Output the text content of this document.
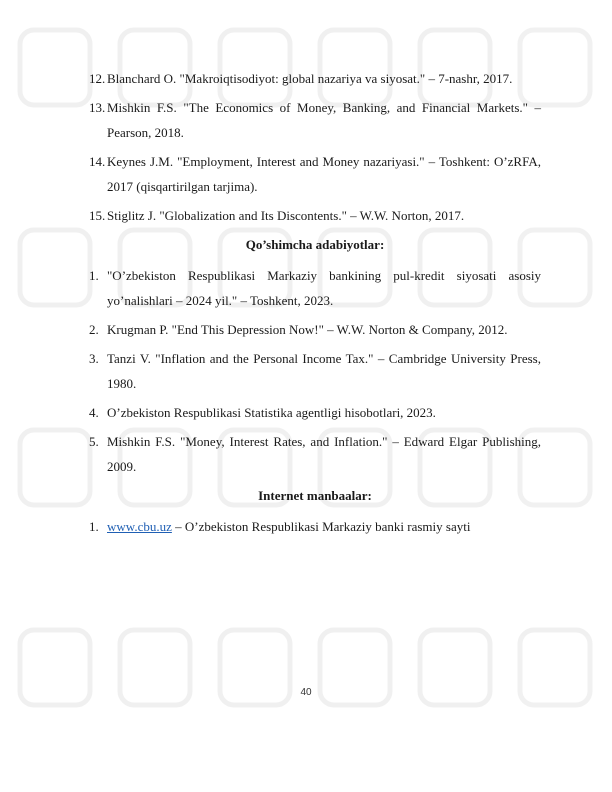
12. Blanchard O. "Makroiqtisodiyot: global nazariya va siyosat." – 7-nashr, 2017.
13. Mishkin F.S. "The Economics of Money, Banking, and Financial Markets." – Pearson, 2018.
14. Keynes J.M. "Employment, Interest and Money nazariyasi." – Toshkent: O’zRFA, 2017 (qisqartirilgan tarjima).
15. Stiglitz J. "Globalization and Its Discontents." – W.W. Norton, 2017.
Qo’shimcha adabiyotlar:
1. "O’zbekiston Respublikasi Markaziy bankining pul-kredit siyosati asosiy yo’nalishlari – 2024 yil." – Toshkent, 2023.
2. Krugman P. "End This Depression Now!" – W.W. Norton & Company, 2012.
3. Tanzi V. "Inflation and the Personal Income Tax." – Cambridge University Press, 1980.
4. O’zbekiston Respublikasi Statistika agentligi hisobotlari, 2023.
5. Mishkin F.S. "Money, Interest Rates, and Inflation." – Edward Elgar Publishing, 2009.
Internet manbaalar:
1. www.cbu.uz – O’zbekiston Respublikasi Markaziy banki rasmiy sayti
40
